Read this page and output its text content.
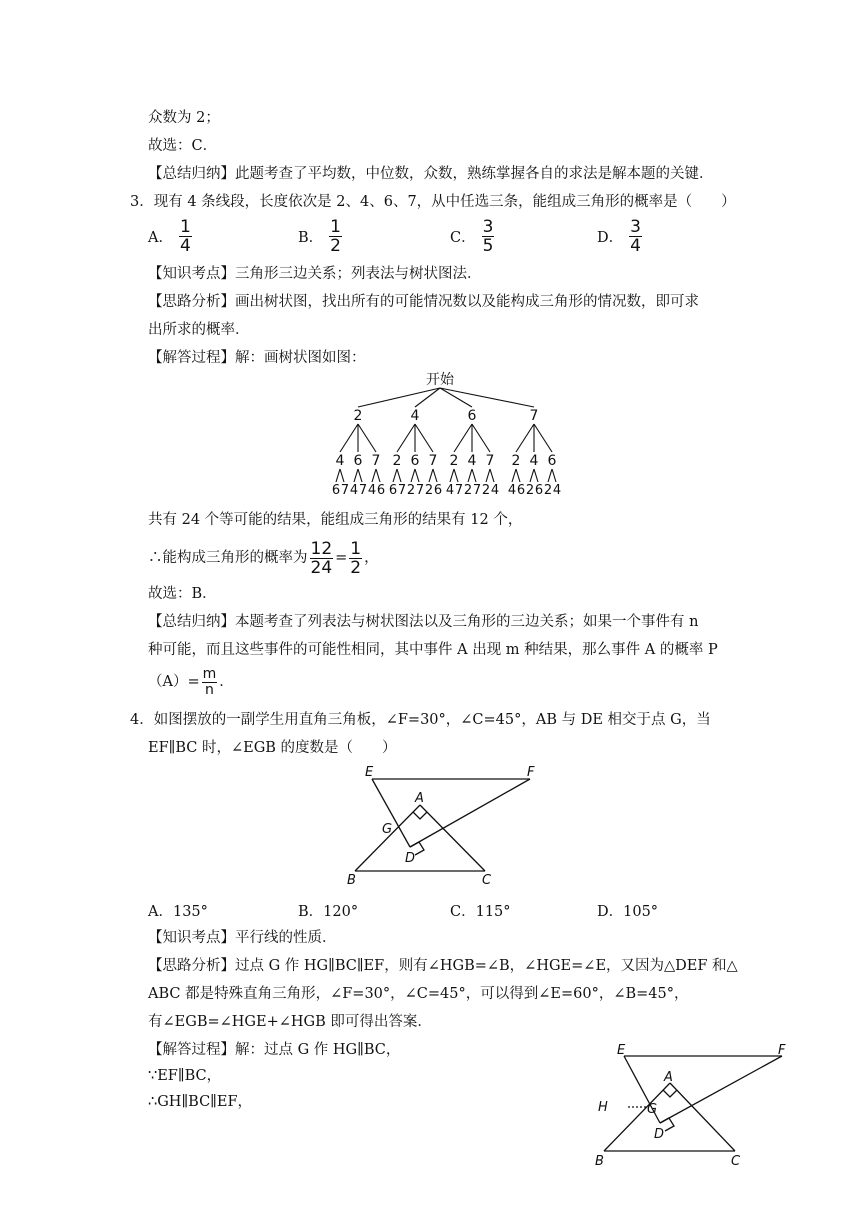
众数为 2；
故选：C．
【总结归纳】此题考查了平均数，中位数，众数，熟练掌握各自的求法是解本题的关键．
3．现有 4 条线段，长度依次是 2、4、6、7，从中任选三条，能组成三角形的概率是（　　）
A． $\frac{1}{4}$	B． $\frac{1}{2}$	C． $\frac{3}{5}$	D． $\frac{3}{4}$
【知识考点】三角形三边关系；列表法与树状图法．
【思路分析】画出树状图，找出所有的可能情况数以及能构成三角形的情况数，即可求
出所求的概率．
【解答过程】解：画树状图如图：
开始
2
4
6 7
6
4 7
7
4 6
4
2
6 7
6
2 7
7
2 6
6
2
4 7
4
2 7
7
2 4
7
2
4 6
4
2 6
6
2 4
共有 24 个等可能的结果，能组成三角形的结果有 12 个，
∴能构成三角形的概率为 $\frac{12}{24} = \frac{1}{2}$ ，
故选：B．
【总结归纳】本题考查了列表法与树状图法以及三角形的三边关系；如果一个事件有 n
种可能，而且这些事件的可能性相同，其中事件 A 出现 m 种结果，那么事件 A 的概率 P
$(A)= \frac{m}{n}$ ．
4．如图摆放的一副学生用直角三角板，∠F=30°，∠C=45°，AB 与 DE 相交于点 G，当
EF∥BC 时，∠EGB 的度数是（　　）
E	F
A
G
D
B	C
A．135°	B．120°	C．115°	D．105°
【知识考点】平行线的性质．
【思路分析】过点 G 作 HG∥BC∥EF，则有∠HGB=∠B，∠HGE=∠E，又因为△DEF 和△
ABC 都是特殊直角三角形，∠F=30°，∠C=45°，可以得到∠E=60°，∠B=45°，
有∠EGB=∠HGE+∠HGB 即可得出答案．
【解答过程】解：过点 G 作 HG∥BC，
∵EF∥BC，
∴GH∥BC∥EF，
E	F
A
H	G
D
B	C
